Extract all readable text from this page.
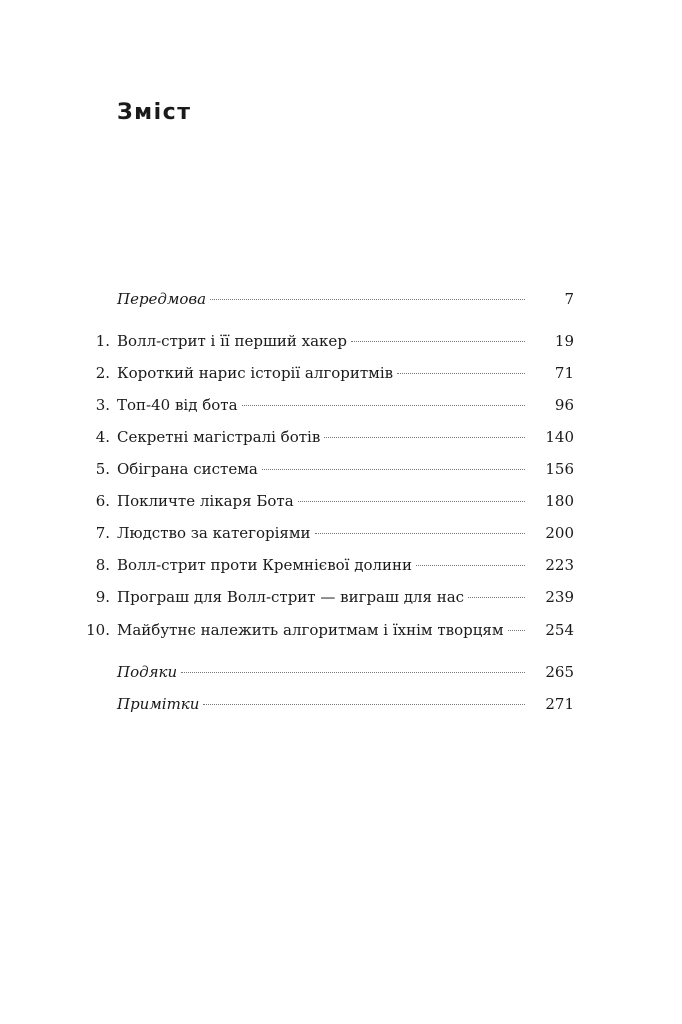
Зміст
Передмова	7
1. Волл-стрит і її перший хакер	19
2. Короткий нарис історії алгоритмів	71
3. Топ-40 від бота	96
4. Секретні магістралі ботів	140
5. Обіграна система	156
6. Покличте лікаря Бота	180
7. Людство за категоріями	200
8. Волл-стрит проти Кремнієвої долини	223
9. Програш для Волл-стрит — виграш для нас	239
10. Майбутнє належить алгоритмам і їхнім творцям	254
Подяки	265
Примітки	271
